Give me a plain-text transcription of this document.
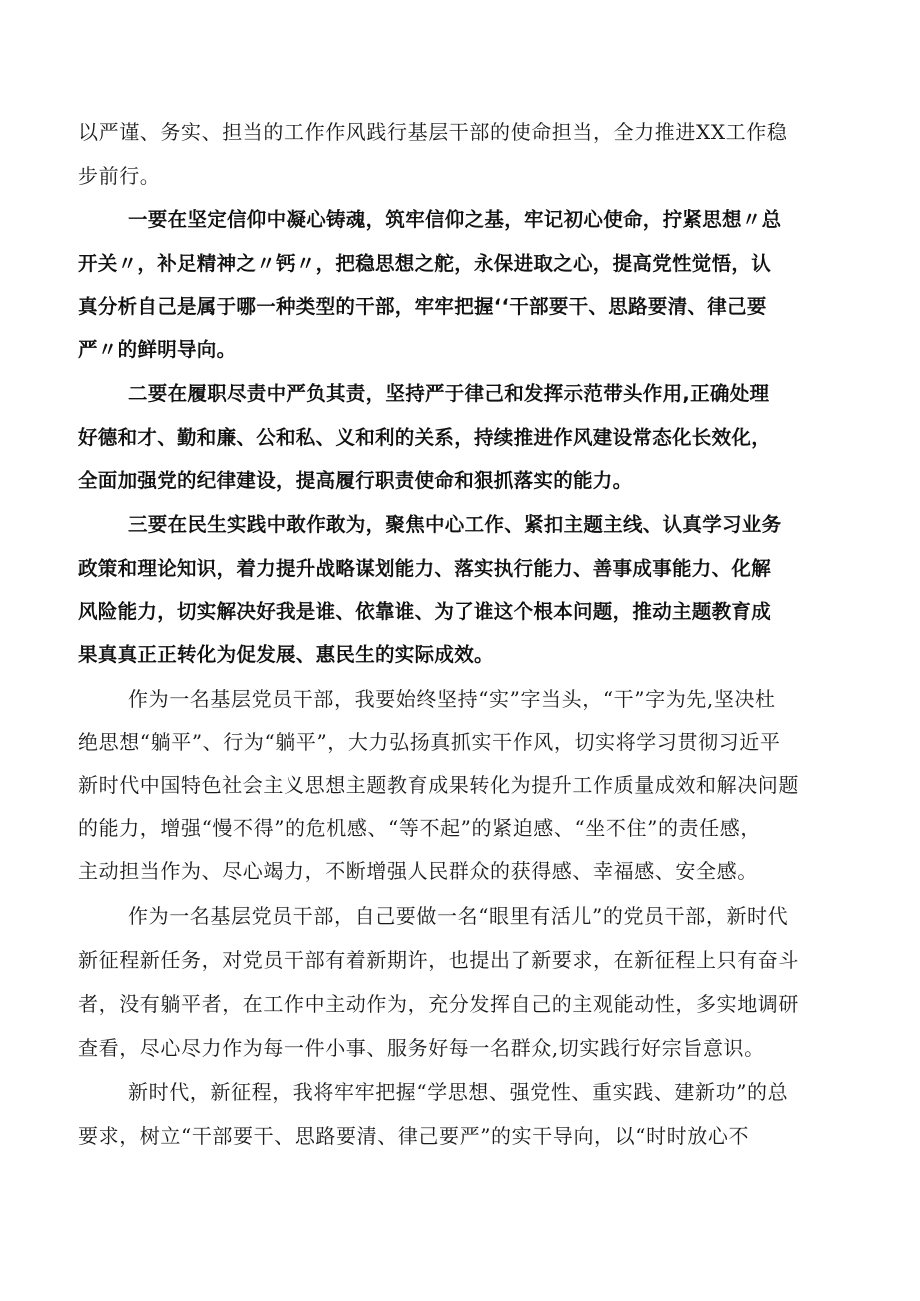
以严谨、务实、担当的工作作风践行基层干部的使命担当，全力推进XX工作稳
步前行。
一要在坚定信仰中凝心铸魂，筑牢信仰之基，牢记初心使命，拧紧思想〃总
开关〃，补足精神之〃钙〃，把稳思想之舵，永保进取之心，提高党性觉悟，认
真分析自己是属于哪一种类型的干部，牢牢把握‘‘干部要干、思路要清、律己要
严〃的鲜明导向。
二要在履职尽责中严负其责，坚持严于律己和发挥示范带头作用,正确处理
好德和才、勤和廉、公和私、义和利的关系，持续推进作风建设常态化长效化，
全面加强党的纪律建设，提高履行职责使命和狠抓落实的能力。
三要在民生实践中敢作敢为，聚焦中心工作、紧扣主题主线、认真学习业务
政策和理论知识，着力提升战略谋划能力、落实执行能力、善事成事能力、化解
风险能力，切实解决好我是谁、依靠谁、为了谁这个根本问题，推动主题教育成
果真真正正转化为促发展、惠民生的实际成效。
作为一名基层党员干部，我要始终坚持“实”字当头，“干”字为先,坚决杜
绝思想“躺平”、行为“躺平”，大力弘扬真抓实干作风，切实将学习贯彻习近平
新时代中国特色社会主义思想主题教育成果转化为提升工作质量成效和解决问题
的能力，增强“慢不得”的危机感、“等不起”的紧迫感、“坐不住”的责任感，
主动担当作为、尽心竭力，不断增强人民群众的获得感、幸福感、安全感。
作为一名基层党员干部，自己要做一名“眼里有活儿”的党员干部，新时代
新征程新任务，对党员干部有着新期许，也提出了新要求，在新征程上只有奋斗
者，没有躺平者，在工作中主动作为，充分发挥自己的主观能动性，多实地调研
查看，尽心尽力作为每一件小事、服务好每一名群众,切实践行好宗旨意识。
新时代，新征程，我将牢牢把握“学思想、强党性、重实践、建新功”的总
要求，树立“干部要干、思路要清、律己要严”的实干导向，以“时时放心不
